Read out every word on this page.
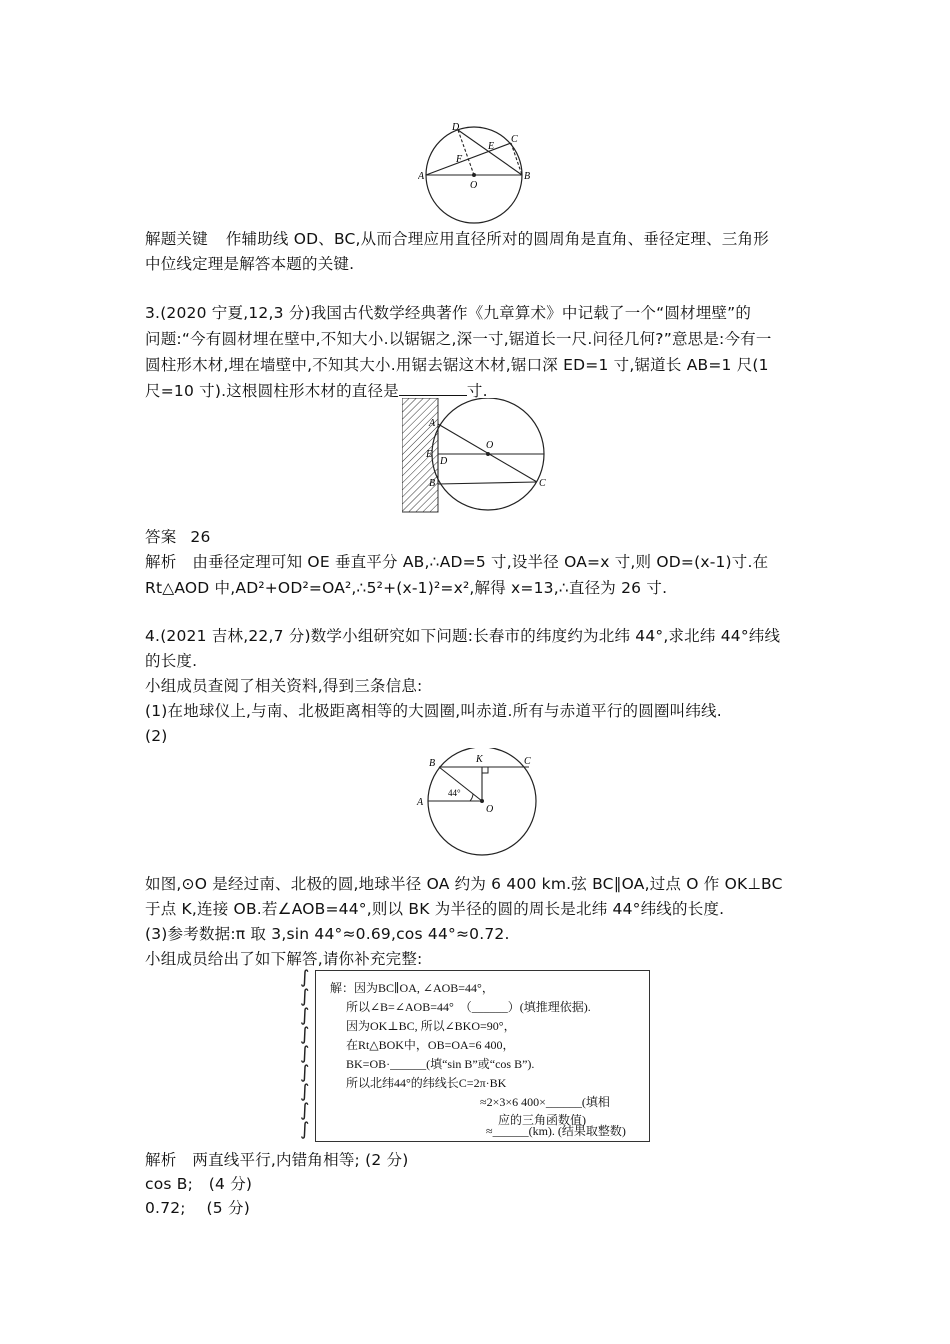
D
C
E
F
A
O
B
解题关键 作辅助线 OD、BC,从而合理应用直径所对的圆周角是直角、垂径定理、三角形
中位线定理是解答本题的关键.
3.(2020 宁夏,12,3 分)我国古代数学经典著作《九章算术》中记载了一个“圆材埋壁”的
问题:“今有圆材埋在壁中,不知大小.以锯锯之,深一寸,锯道长一尺.问径几何?”意思是:今有一
圆柱形木材,埋在墙壁中,不知其大小.用锯去锯这木材,锯口深 ED=1 寸,锯道长 AB=1 尺(1
尺=10 寸).这根圆柱形木材的直径是	寸.
A
O
E
D
B	C
答案 26
解析 由垂径定理可知 OE 垂直平分 AB,∴AD=5 寸,设半径 OA=x 寸,则 OD=(x-1)寸.在
Rt△AOD 中,AD²+OD²=OA²,∴5²+(x-1)²=x²,解得 x=13,∴直径为 26 寸.
4.(2021 吉林,22,7 分)数学小组研究如下问题:长春市的纬度约为北纬 44°,求北纬 44°纬线
的长度.
小组成员查阅了相关资料,得到三条信息:
(1)在地球仪上,与南、北极距离相等的大圆圈,叫赤道.所有与赤道平行的圆圈叫纬线.
(2)
B	K	C
A
O
44°
如图,⊙O 是经过南、北极的圆,地球半径 OA 约为 6 400 km.弦 BC∥OA,过点 O 作 OK⊥BC
于点 K,连接 OB.若∠AOB=44°,则以 BK 为半径的圆的周长是北纬 44°纬线的长度.
(3)参考数据:π 取 3,sin 44°≈0.69,cos 44°≈0.72.
小组成员给出了如下解答,请你补充完整:
∫
∫
∫
∫
∫
∫
∫
∫
∫
解：因为BC∥OA, ∠AOB=44°，
所以∠B=∠AOB=44°　（______）(填推理依据).
因为OK⊥BC, 所以∠BKO=90°，
在Rt△BOK中，OB=OA=6 400，
BK=OB·______(填“sin B”或“cos B”).
所以北纬44°的纬线长C=2π·BK
≈2×3×6 400×______(填相
应的三角函数值)
≈______(km). (结果取整数)
解析 两直线平行,内错角相等; (2 分)
cos B;　(4 分)
0.72;　 (5 分)
